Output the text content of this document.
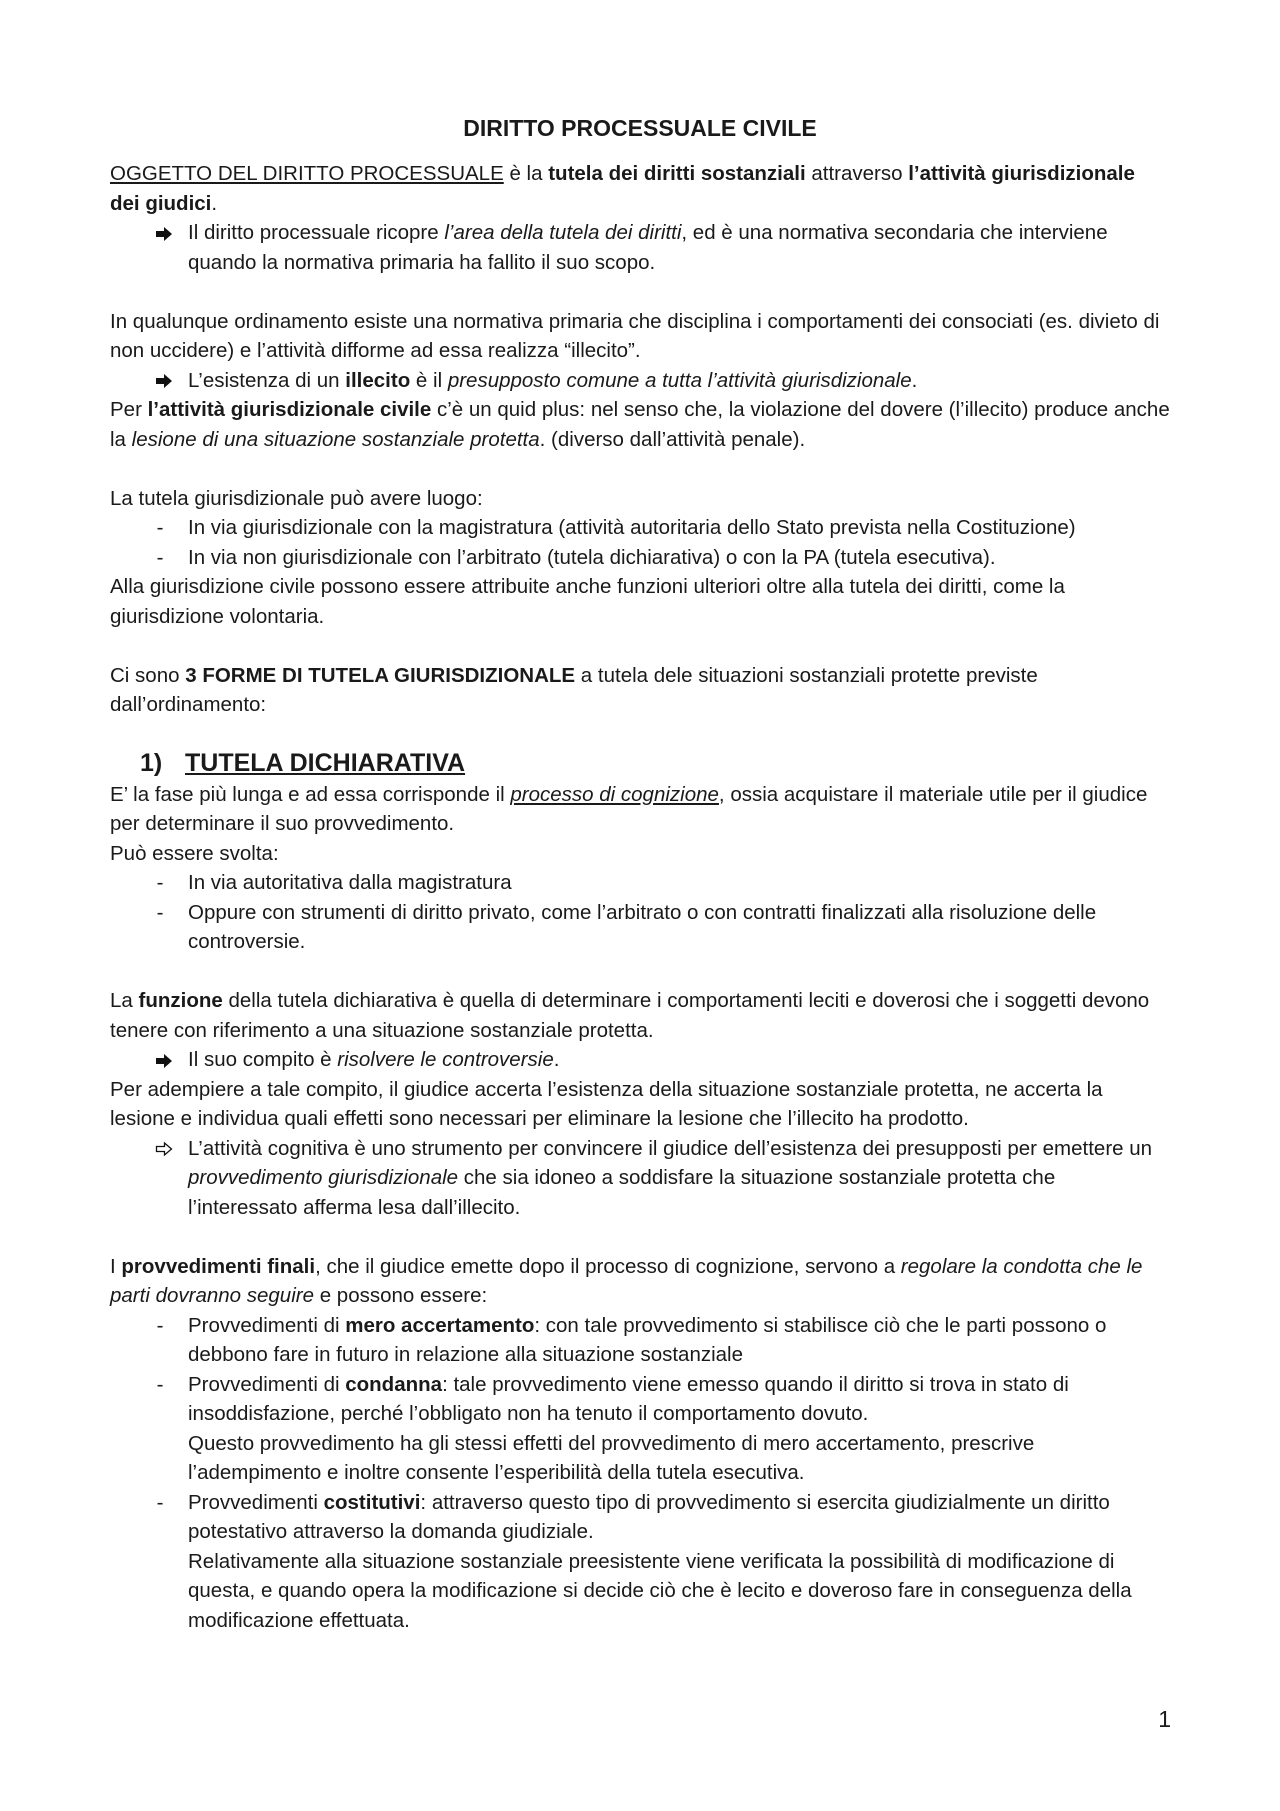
DIRITTO PROCESSUALE CIVILE

OGGETTO DEL DIRITTO PROCESSUALE è la tutela dei diritti sostanziali attraverso l’attività giurisdizionale dei giudici.

Il diritto processuale ricopre l’area della tutela dei diritti, ed è una normativa secondaria che interviene quando la normativa primaria ha fallito il suo scopo.

In qualunque ordinamento esiste una normativa primaria che disciplina i comportamenti dei consociati (es. divieto di non uccidere) e l’attività difforme ad essa realizza “illecito”.

L’esistenza di un illecito è il presupposto comune a tutta l’attività giurisdizionale.

Per l’attività giurisdizionale civile c’è un quid plus: nel senso che, la violazione del dovere (l’illecito) produce anche la lesione di una situazione sostanziale protetta. (diverso dall’attività penale).

La tutela giurisdizionale può avere luogo:

-	In via giurisdizionale con la magistratura (attività autoritaria dello Stato prevista nella Costituzione)
-	In via non giurisdizionale con l’arbitrato (tutela dichiarativa) o con la PA (tutela esecutiva).

Alla giurisdizione civile possono essere attribuite anche funzioni ulteriori oltre alla tutela dei diritti, come la giurisdizione volontaria.

Ci sono 3 FORME DI TUTELA GIURISDIZIONALE a tutela dele situazioni sostanziali protette previste dall’ordinamento:

1) TUTELA DICHIARATIVA

E’ la fase più lunga e ad essa corrisponde il processo di cognizione, ossia acquistare il materiale utile per il giudice per determinare il suo provvedimento.

Può essere svolta:

-	In via autoritativa dalla magistratura
-	Oppure con strumenti di diritto privato, come l’arbitrato o con contratti finalizzati alla risoluzione delle controversie.

La funzione della tutela dichiarativa è quella di determinare i comportamenti leciti e doverosi che i soggetti devono tenere con riferimento a una situazione sostanziale protetta.

Il suo compito è risolvere le controversie.

Per adempiere a tale compito, il giudice accerta l’esistenza della situazione sostanziale protetta, ne accerta la lesione e individua quali effetti sono necessari per eliminare la lesione che l’illecito ha prodotto.

L’attività cognitiva è uno strumento per convincere il giudice dell’esistenza dei presupposti per emettere un provvedimento giurisdizionale che sia idoneo a soddisfare la situazione sostanziale protetta che l’interessato afferma lesa dall’illecito.

I provvedimenti finali, che il giudice emette dopo il processo di cognizione, servono a regolare la condotta che le parti dovranno seguire e possono essere:

-	Provvedimenti di mero accertamento: con tale provvedimento si stabilisce ciò che le parti possono o debbono fare in futuro in relazione alla situazione sostanziale
-	Provvedimenti di condanna: tale provvedimento viene emesso quando il diritto si trova in stato di insoddisfazione, perché l’obbligato non ha tenuto il comportamento dovuto.
Questo provvedimento ha gli stessi effetti del provvedimento di mero accertamento, prescrive l’adempimento e inoltre consente l’esperibilità della tutela esecutiva.
-	Provvedimenti costitutivi: attraverso questo tipo di provvedimento si esercita giudizialmente un diritto potestativo attraverso la domanda giudiziale.
Relativamente alla situazione sostanziale preesistente viene verificata la possibilità di modificazione di questa, e quando opera la modificazione si decide ciò che è lecito e doveroso fare in conseguenza della modificazione effettuata.
1
